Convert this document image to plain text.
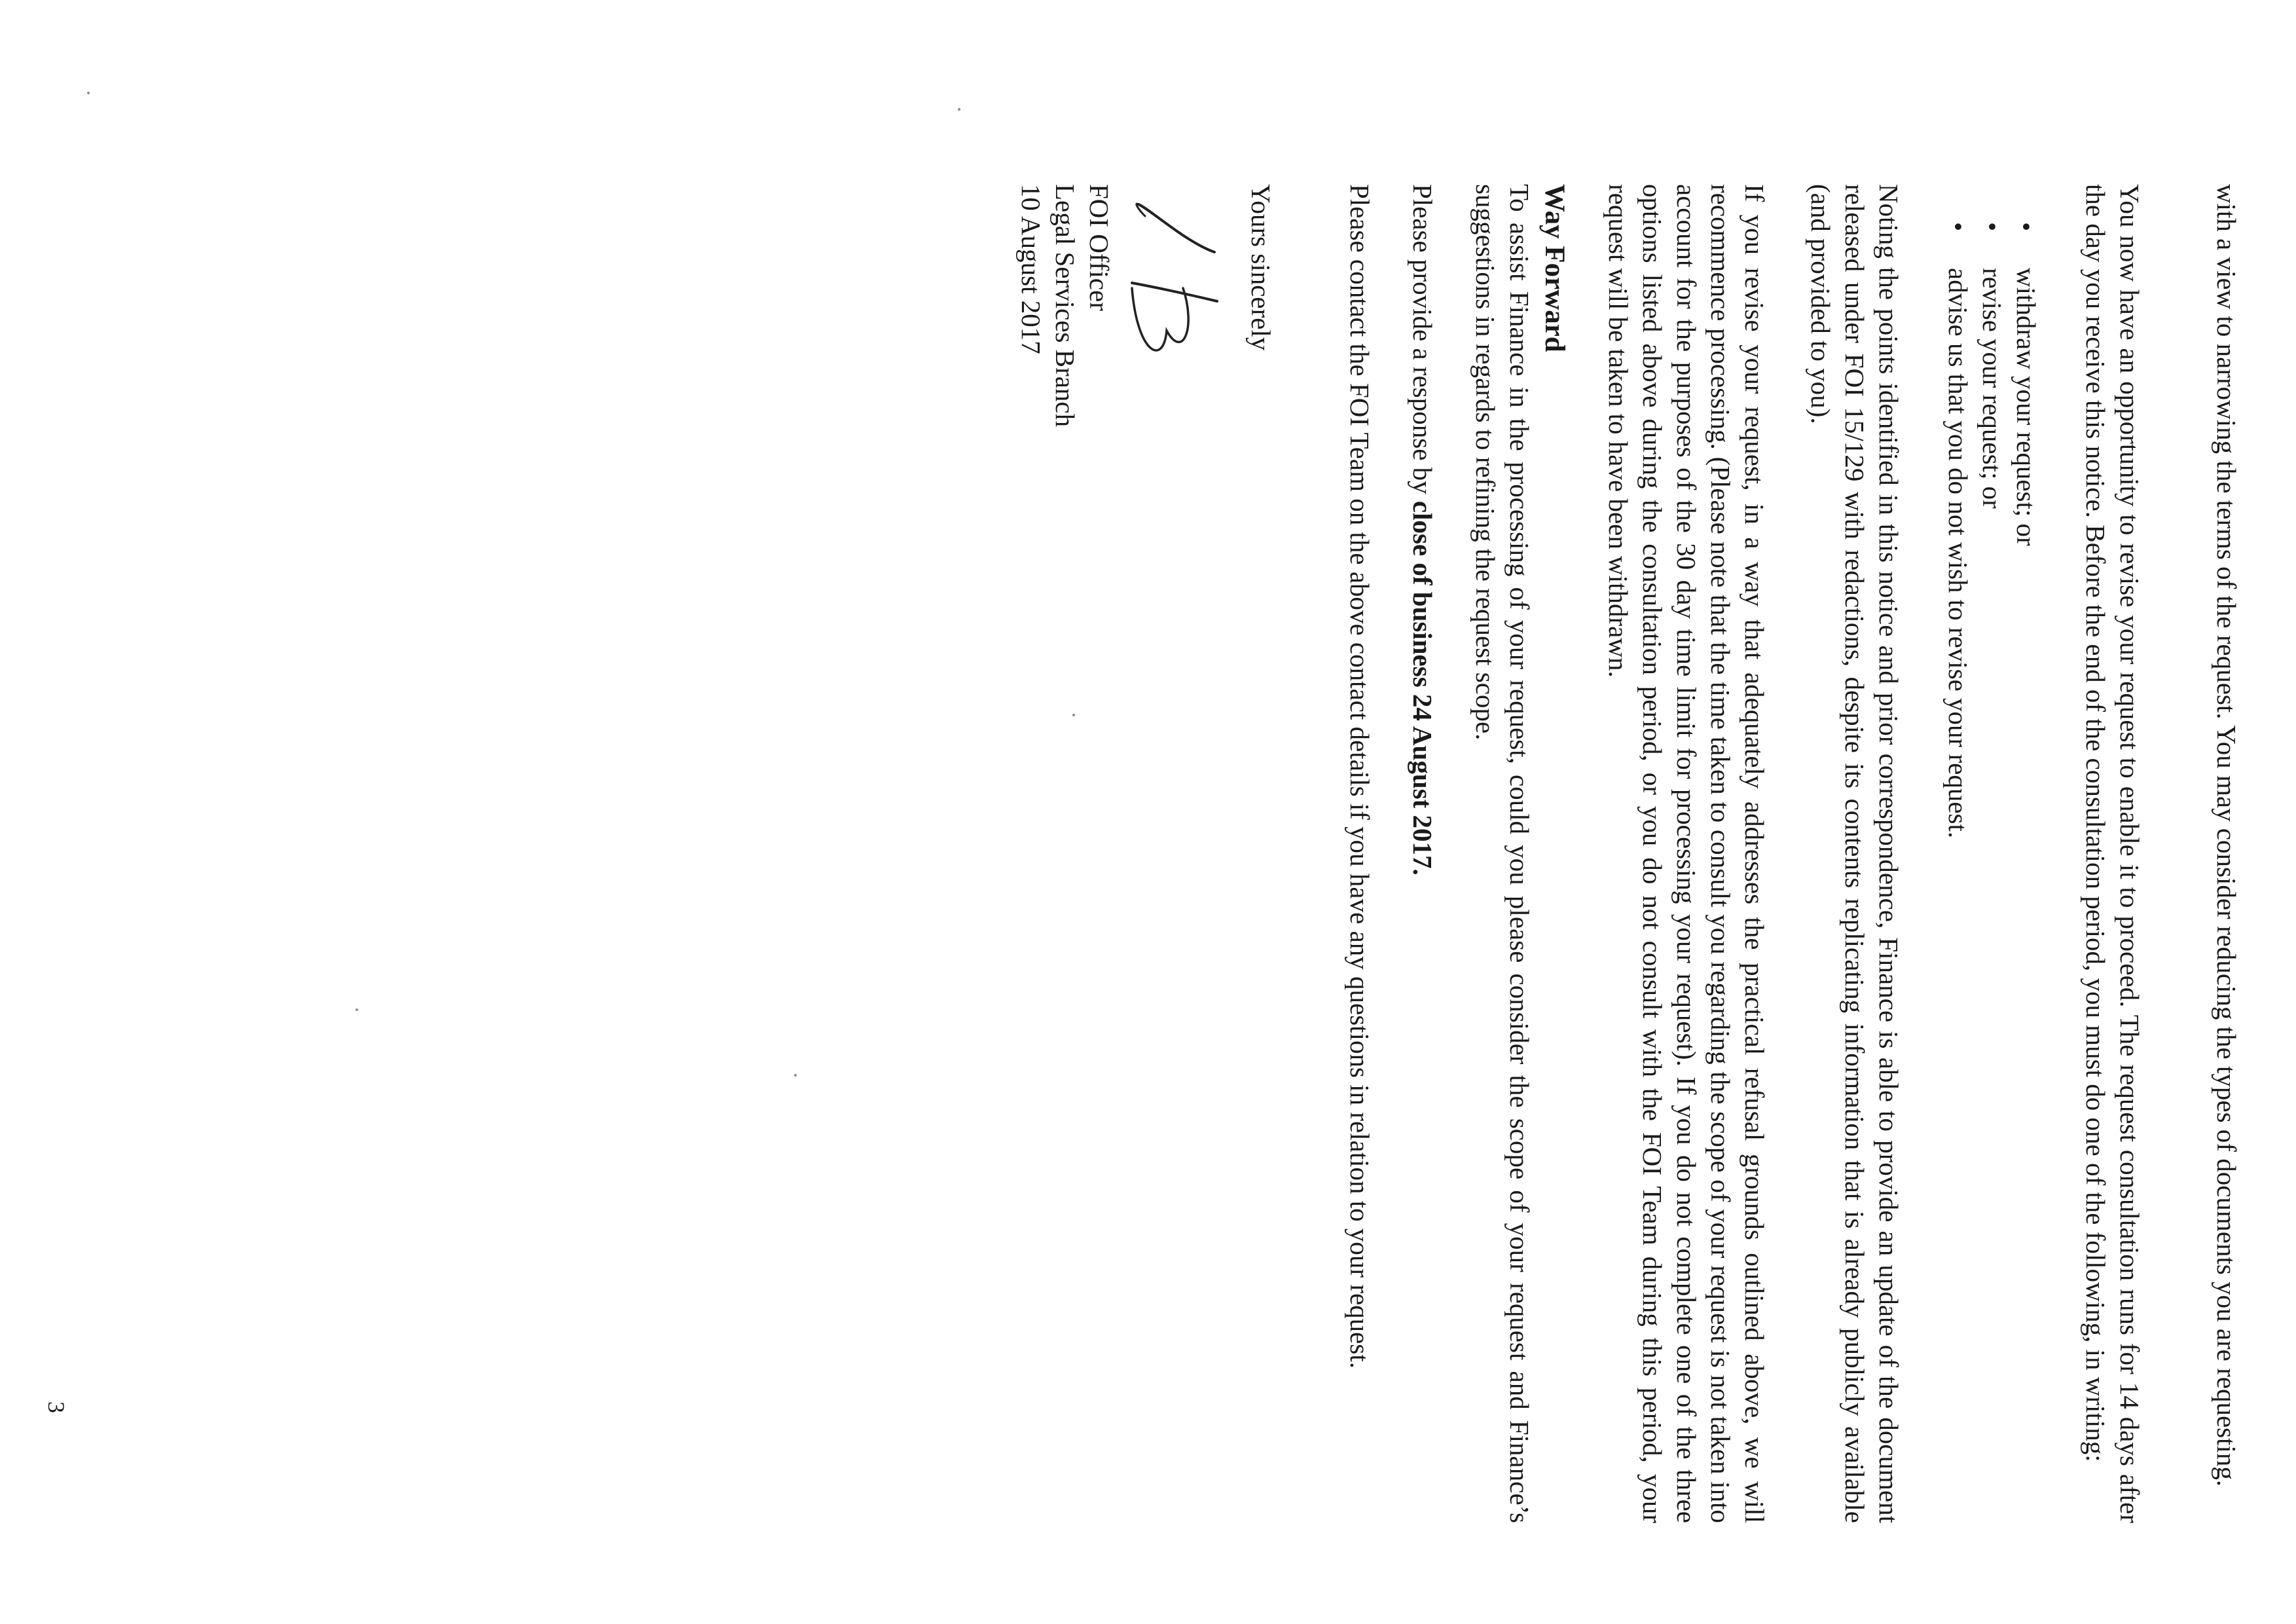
with a view to narrowing the terms of the request. You may consider reducing the types of documents you are requesting.

You now have an opportunity to revise your request to enable it to proceed. The request consultation runs for 14 days after the day you receive this notice. Before the end of the consultation period, you must do one of the following, in writing:

•
withdraw your request; or
•
revise your request; or
•
advise us that you do not wish to revise your request.

Noting the points identified in this notice and prior correspondence, Finance is able to provide an update of the document released under FOI 15/129 with redactions, despite its contents replicating information that is already publicly available (and provided to you).

If you revise your request, in a way that adequately addresses the practical refusal grounds outlined above, we will recommence processing. (Please note that the time taken to consult you regarding the scope of your request is not taken into account for the purposes of the 30 day time limit for processing your request). If you do not complete one of the three options listed above during the consultation period, or you do not consult with the FOI Team during this period, your request will be taken to have been withdrawn.

Way Forward

To assist Finance in the processing of your request, could you please consider the scope of your request and Finance’s suggestions in regards to refining the request scope.

Please provide a response by close of business 24 August 2017.

Please contact the FOI Team on the above contact details if you have any questions in relation to your request.

Yours sincerely
FOI Officer
Legal Services Branch
10 August 2017
3
